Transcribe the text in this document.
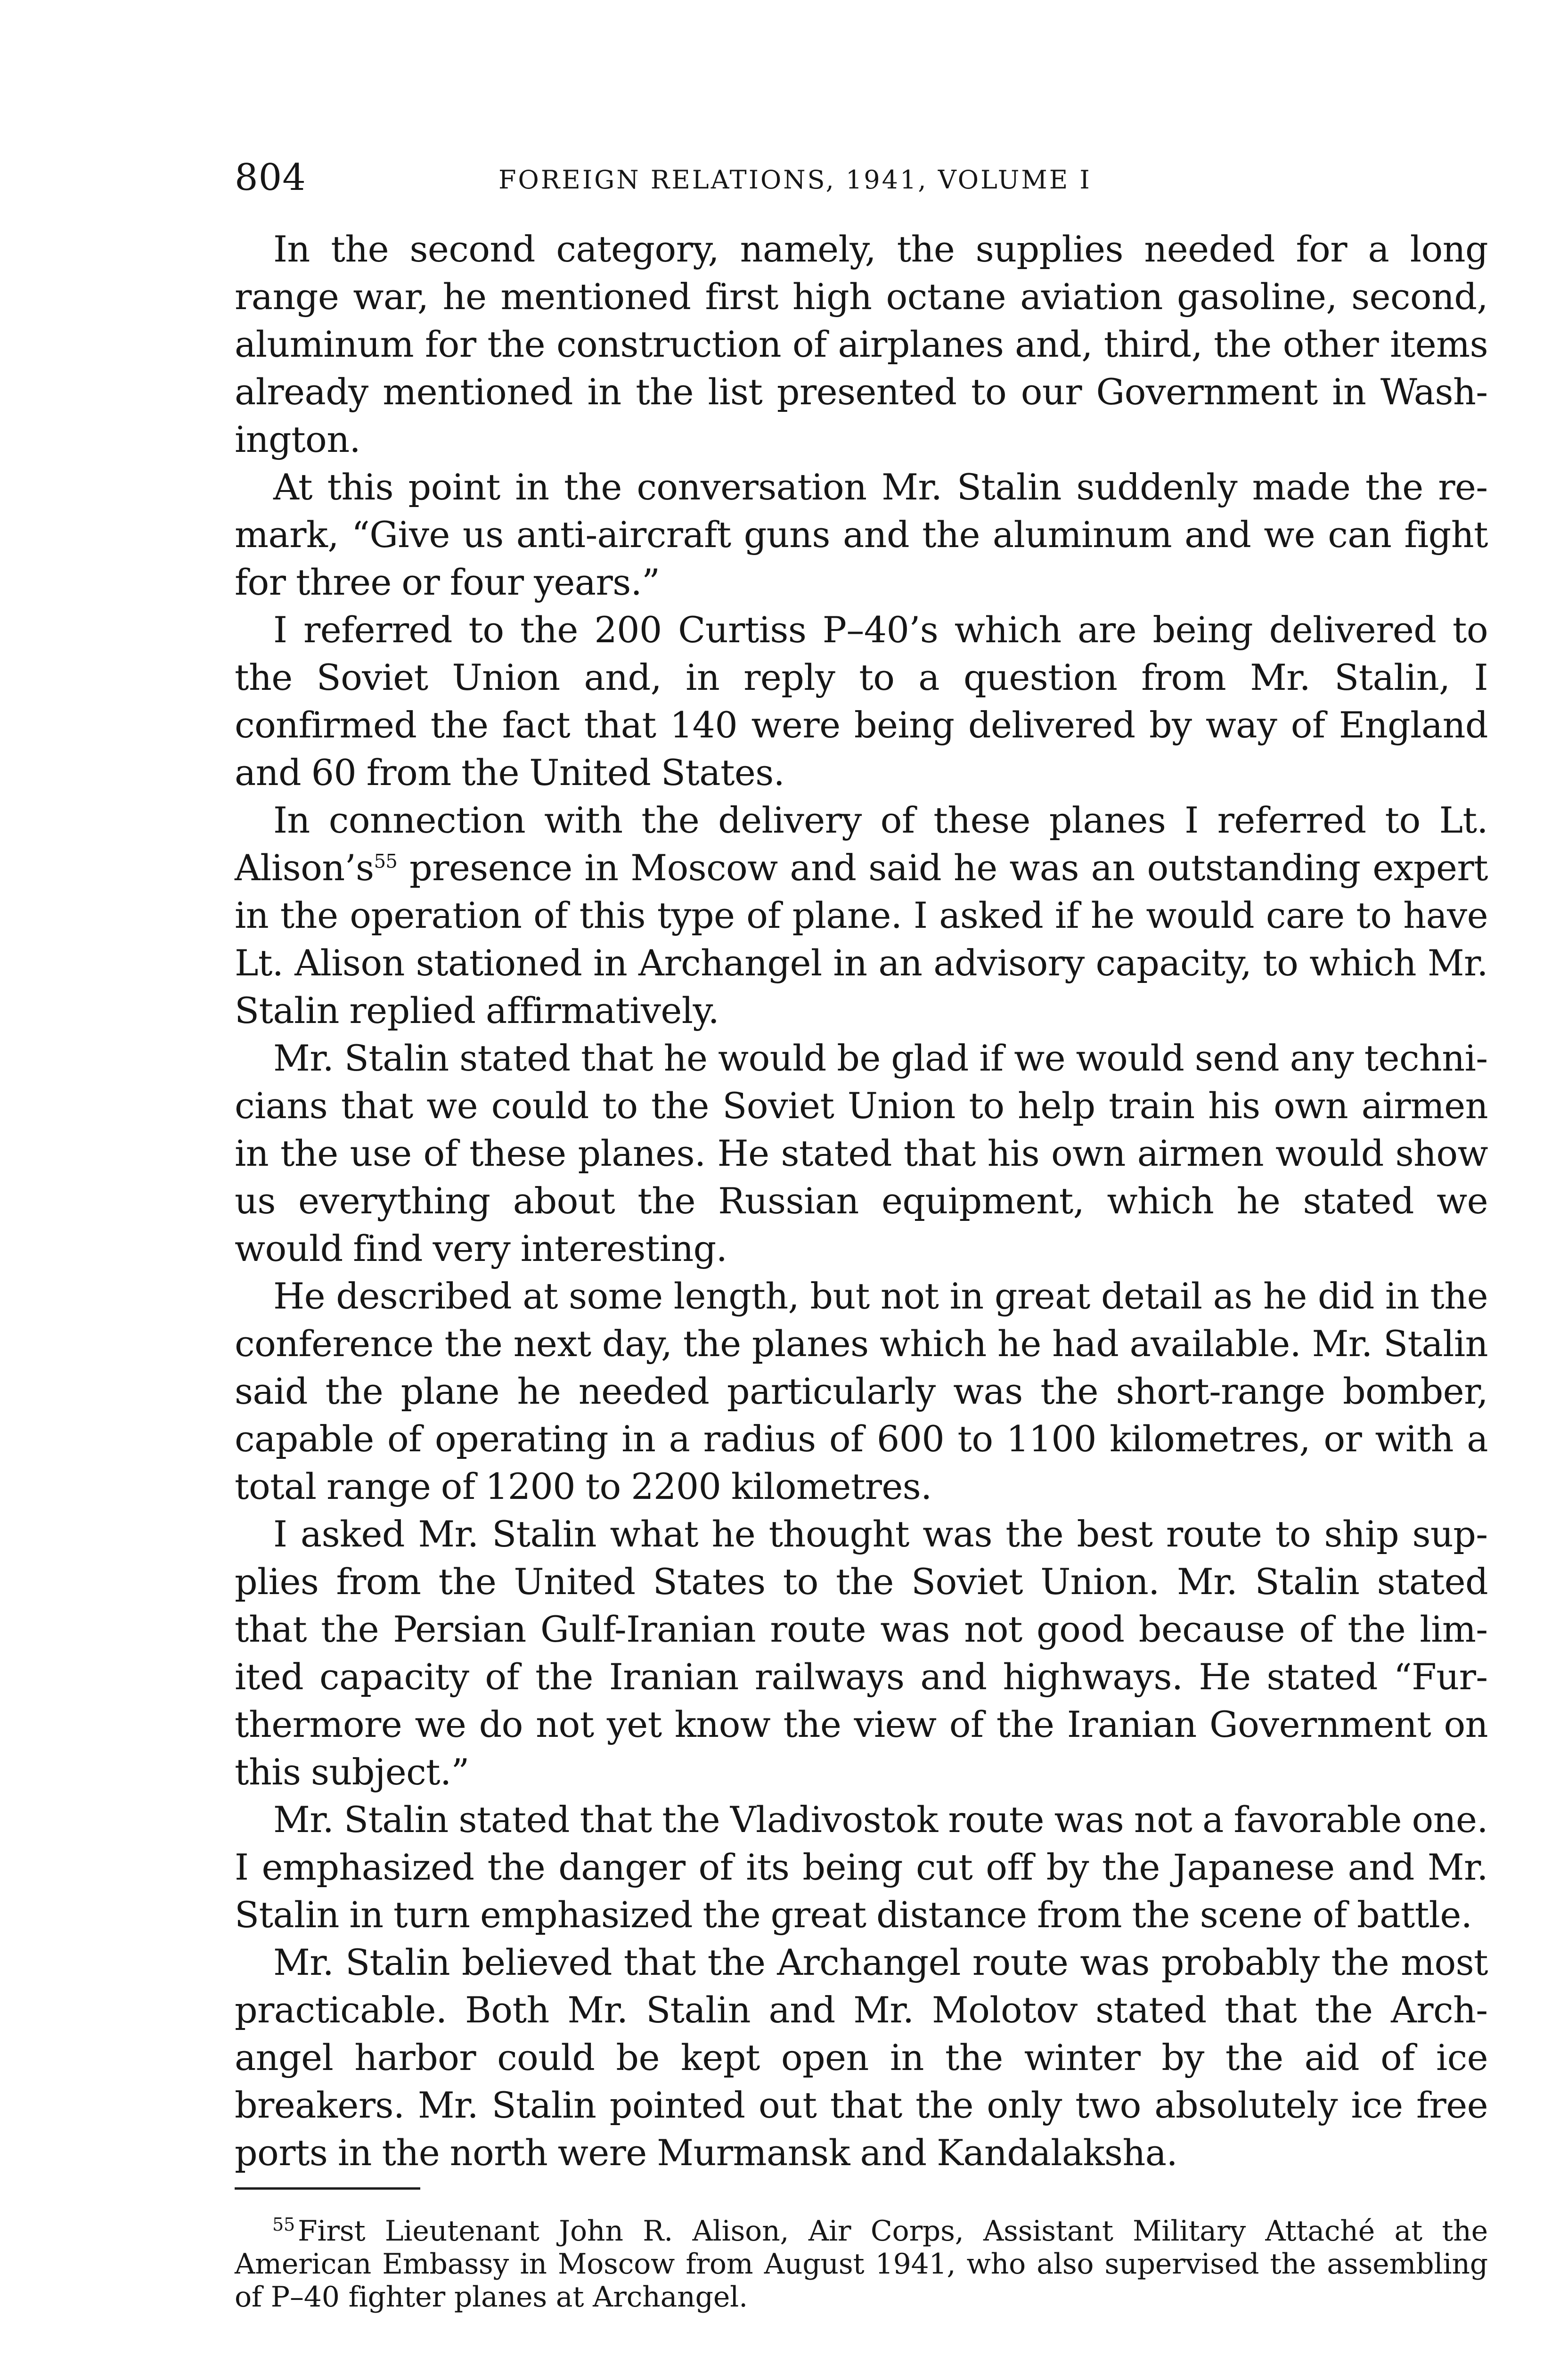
804	FOREIGN RELATIONS, 1941, VOLUME I

In the second category, namely, the supplies needed for a long range war, he mentioned first high octane aviation gasoline, second, aluminum for the construction of airplanes and, third, the other items already mentioned in the list presented to our Government in Washington.

At this point in the conversation Mr. Stalin suddenly made the remark, “Give us anti-aircraft guns and the aluminum and we can fight for three or four years.”

I referred to the 200 Curtiss P–40’s which are being delivered to the Soviet Union and, in reply to a question from Mr. Stalin, I confirmed the fact that 140 were being delivered by way of England and 60 from the United States.

In connection with the delivery of these planes I referred to Lt. Alison’s$^{55}$ presence in Moscow and said he was an outstanding expert in the operation of this type of plane. I asked if he would care to have Lt. Alison stationed in Archangel in an advisory capacity, to which Mr. Stalin replied affirmatively.

Mr. Stalin stated that he would be glad if we would send any technicians that we could to the Soviet Union to help train his own airmen in the use of these planes. He stated that his own airmen would show us everything about the Russian equipment, which he stated we would find very interesting.

He described at some length, but not in great detail as he did in the conference the next day, the planes which he had available. Mr. Stalin said the plane he needed particularly was the short-range bomber, capable of operating in a radius of 600 to 1100 kilometres, or with a total range of 1200 to 2200 kilometres.

I asked Mr. Stalin what he thought was the best route to ship supplies from the United States to the Soviet Union. Mr. Stalin stated that the Persian Gulf-Iranian route was not good because of the limited capacity of the Iranian railways and highways. He stated “Furthermore we do not yet know the view of the Iranian Government on this subject.”

Mr. Stalin stated that the Vladivostok route was not a favorable one. I emphasized the danger of its being cut off by the Japanese and Mr. Stalin in turn emphasized the great distance from the scene of battle.

Mr. Stalin believed that the Archangel route was probably the most practicable. Both Mr. Stalin and Mr. Molotov stated that the Archangel harbor could be kept open in the winter by the aid of ice breakers. Mr. Stalin pointed out that the only two absolutely ice free ports in the north were Murmansk and Kandalaksha.

$^{55}$ First Lieutenant John R. Alison, Air Corps, Assistant Military Attaché at the American Embassy in Moscow from August 1941, who also supervised the assembling of P–40 fighter planes at Archangel.
